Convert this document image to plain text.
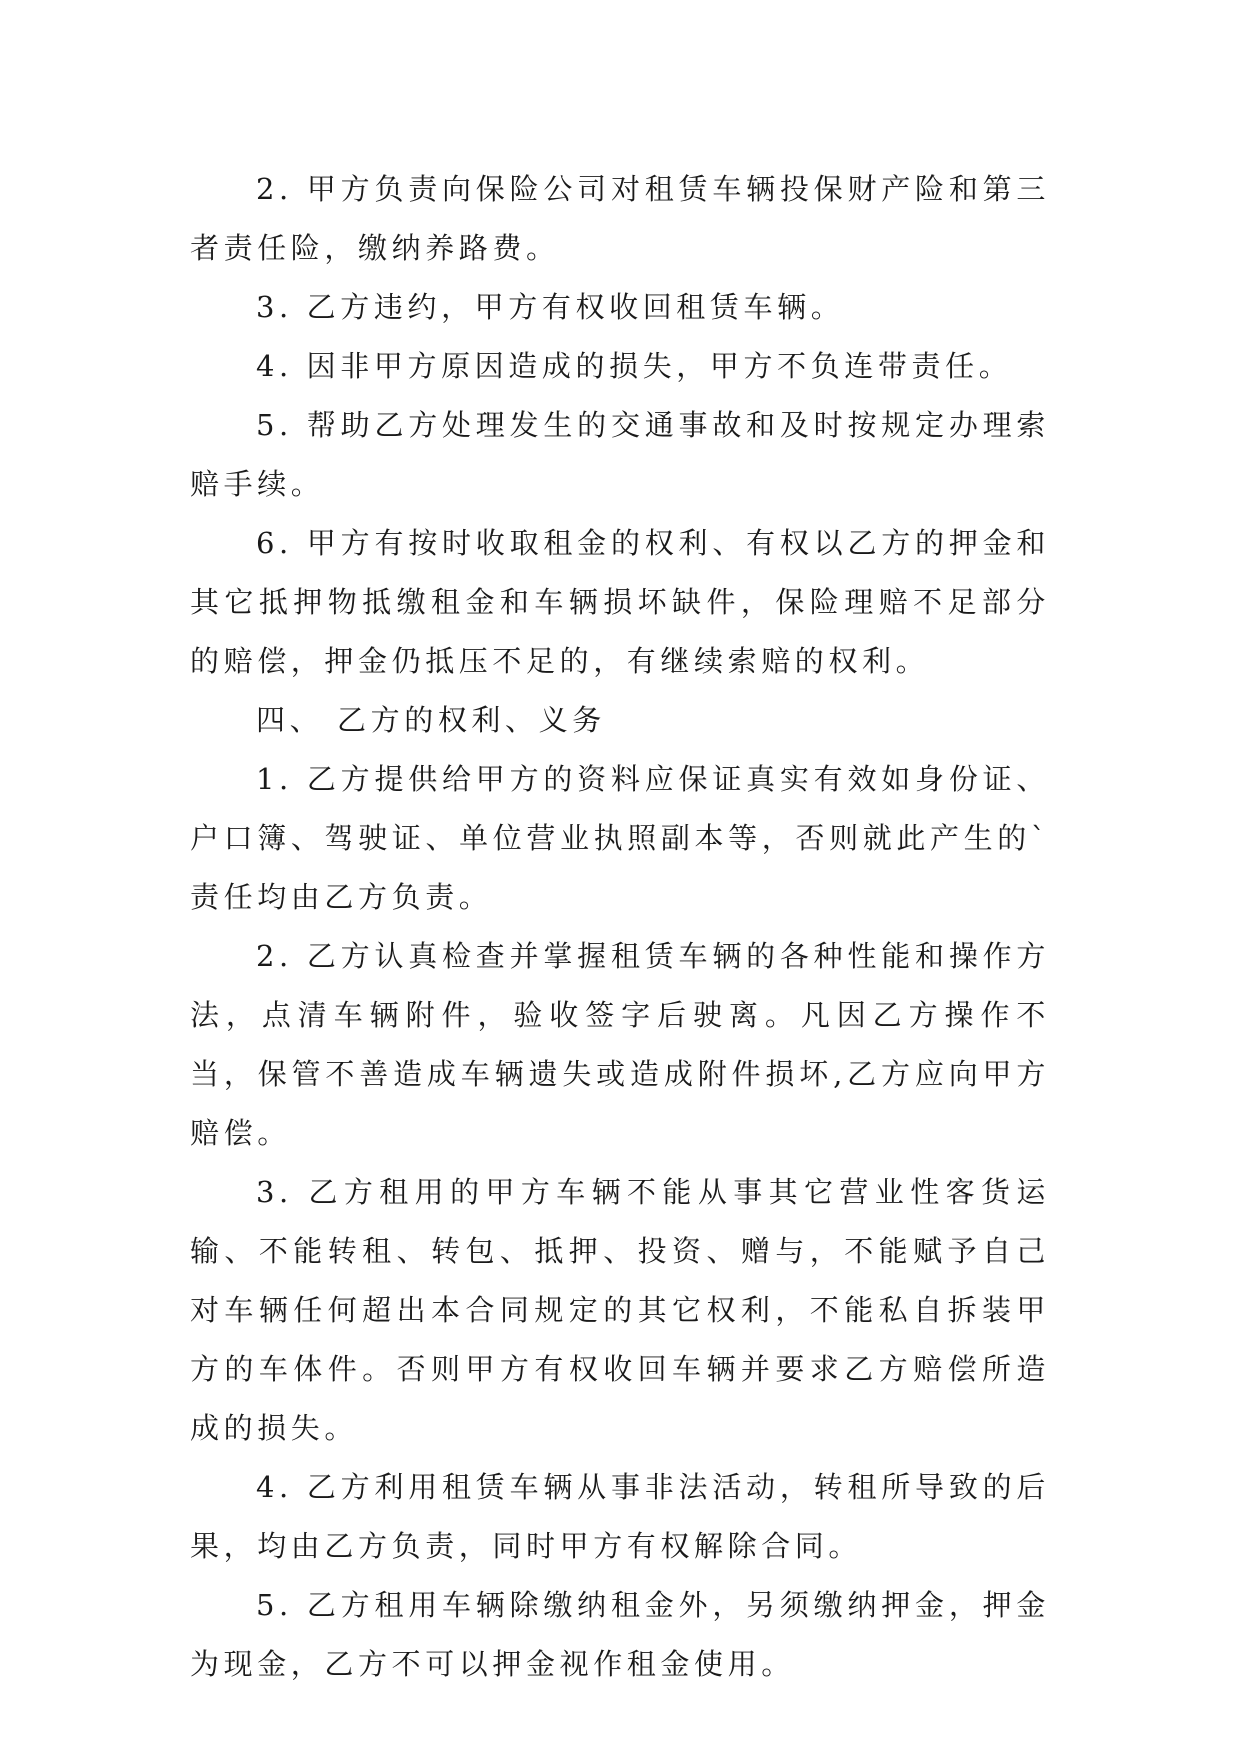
2. 甲方负责向保险公司对租赁车辆投保财产险和第三者责任险，缴纳养路费。

3. 乙方违约，甲方有权收回租赁车辆。

4. 因非甲方原因造成的损失，甲方不负连带责任。

5. 帮助乙方处理发生的交通事故和及时按规定办理索赔手续。

6. 甲方有按时收取租金的权利、有权以乙方的押金和其它抵押物抵缴租金和车辆损坏缺件，保险理赔不足部分的赔偿，押金仍抵压不足的，有继续索赔的权利。

四、 乙方的权利、义务

1. 乙方提供给甲方的资料应保证真实有效如身份证、户口簿、驾驶证、单位营业执照副本等，否则就此产生的`责任均由乙方负责。

2. 乙方认真检查并掌握租赁车辆的各种性能和操作方法，点清车辆附件，验收签字后驶离。凡因乙方操作不当，保管不善造成车辆遗失或造成附件损坏,乙方应向甲方赔偿。

3. 乙方租用的甲方车辆不能从事其它营业性客货运输、不能转租、转包、抵押、投资、赠与，不能赋予自己对车辆任何超出本合同规定的其它权利，不能私自拆装甲方的车体件。否则甲方有权收回车辆并要求乙方赔偿所造成的损失。

4. 乙方利用租赁车辆从事非法活动，转租所导致的后果，均由乙方负责，同时甲方有权解除合同。

5. 乙方租用车辆除缴纳租金外，另须缴纳押金，押金为现金，乙方不可以押金视作租金使用。
